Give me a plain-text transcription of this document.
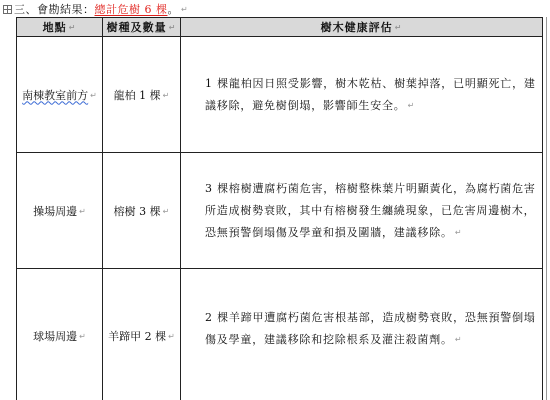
三、會勘結果：總計危樹 6 棵。 ↵
地點 ↵	樹種及數量 ↵	樹木健康評估 ↵
南棟教室前方 ↵	龍柏 1 棵 ↵	1 棵龍柏因日照受影響，樹木乾枯、樹葉掉落，已明顯死亡，建議移除，避免樹倒塌，影響師生安全。 ↵
操場周邊 ↵	榕樹 3 棵 ↵	3 棵榕樹遭腐朽菌危害，榕樹整株葉片明顯黃化，為腐朽菌危害所造成樹勢衰敗，其中有榕樹發生纏繞現象，已危害周邊樹木，恐無預警倒塌傷及學童和損及圍牆，建議移除。 ↵
球場周邊 ↵	羊蹄甲 2 棵 ↵	2 棵羊蹄甲遭腐朽菌危害根基部，造成樹勢衰敗，恐無預警倒塌傷及學童，建議移除和挖除根系及灌注殺菌劑。 ↵
